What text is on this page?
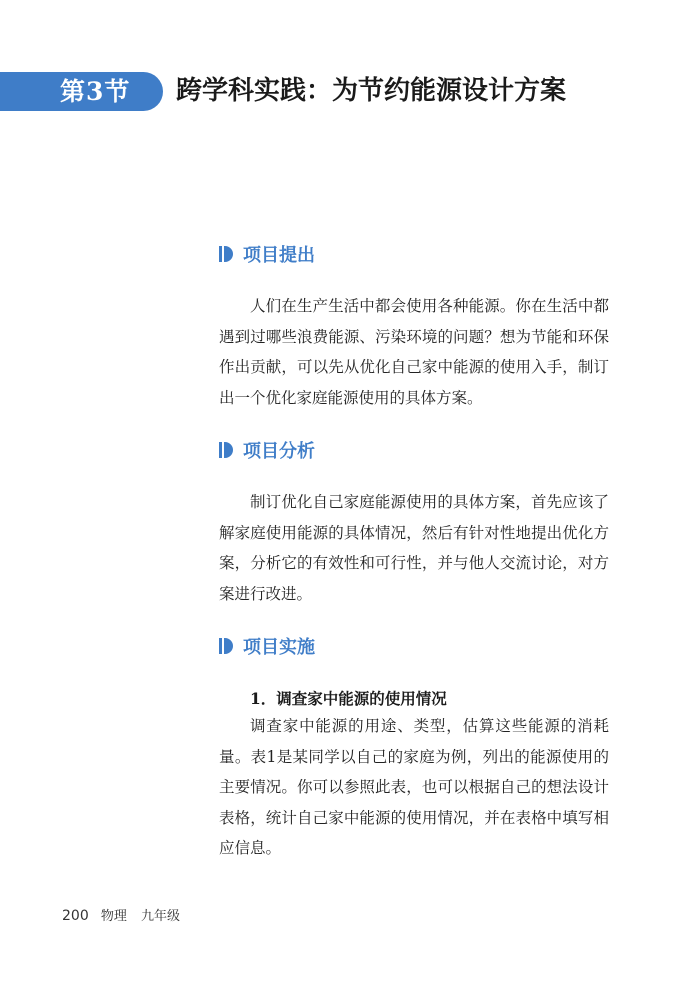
第3节	跨学科实践：为节约能源设计方案
项目提出
人们在生产生活中都会使用各种能源。你在生活中都遇到过哪些浪费能源、污染环境的问题？想为节能和环保作出贡献，可以先从优化自己家中能源的使用入手，制订出一个优化家庭能源使用的具体方案。
项目分析
制订优化自己家庭能源使用的具体方案，首先应该了解家庭使用能源的具体情况，然后有针对性地提出优化方案，分析它的有效性和可行性，并与他人交流讨论，对方案进行改进。
项目实施
1．调查家中能源的使用情况
调查家中能源的用途、类型，估算这些能源的消耗量。表1是某同学以自己的家庭为例，列出的能源使用的主要情况。你可以参照此表，也可以根据自己的想法设计表格，统计自己家中能源的使用情况，并在表格中填写相应信息。
200 物理 九年级
